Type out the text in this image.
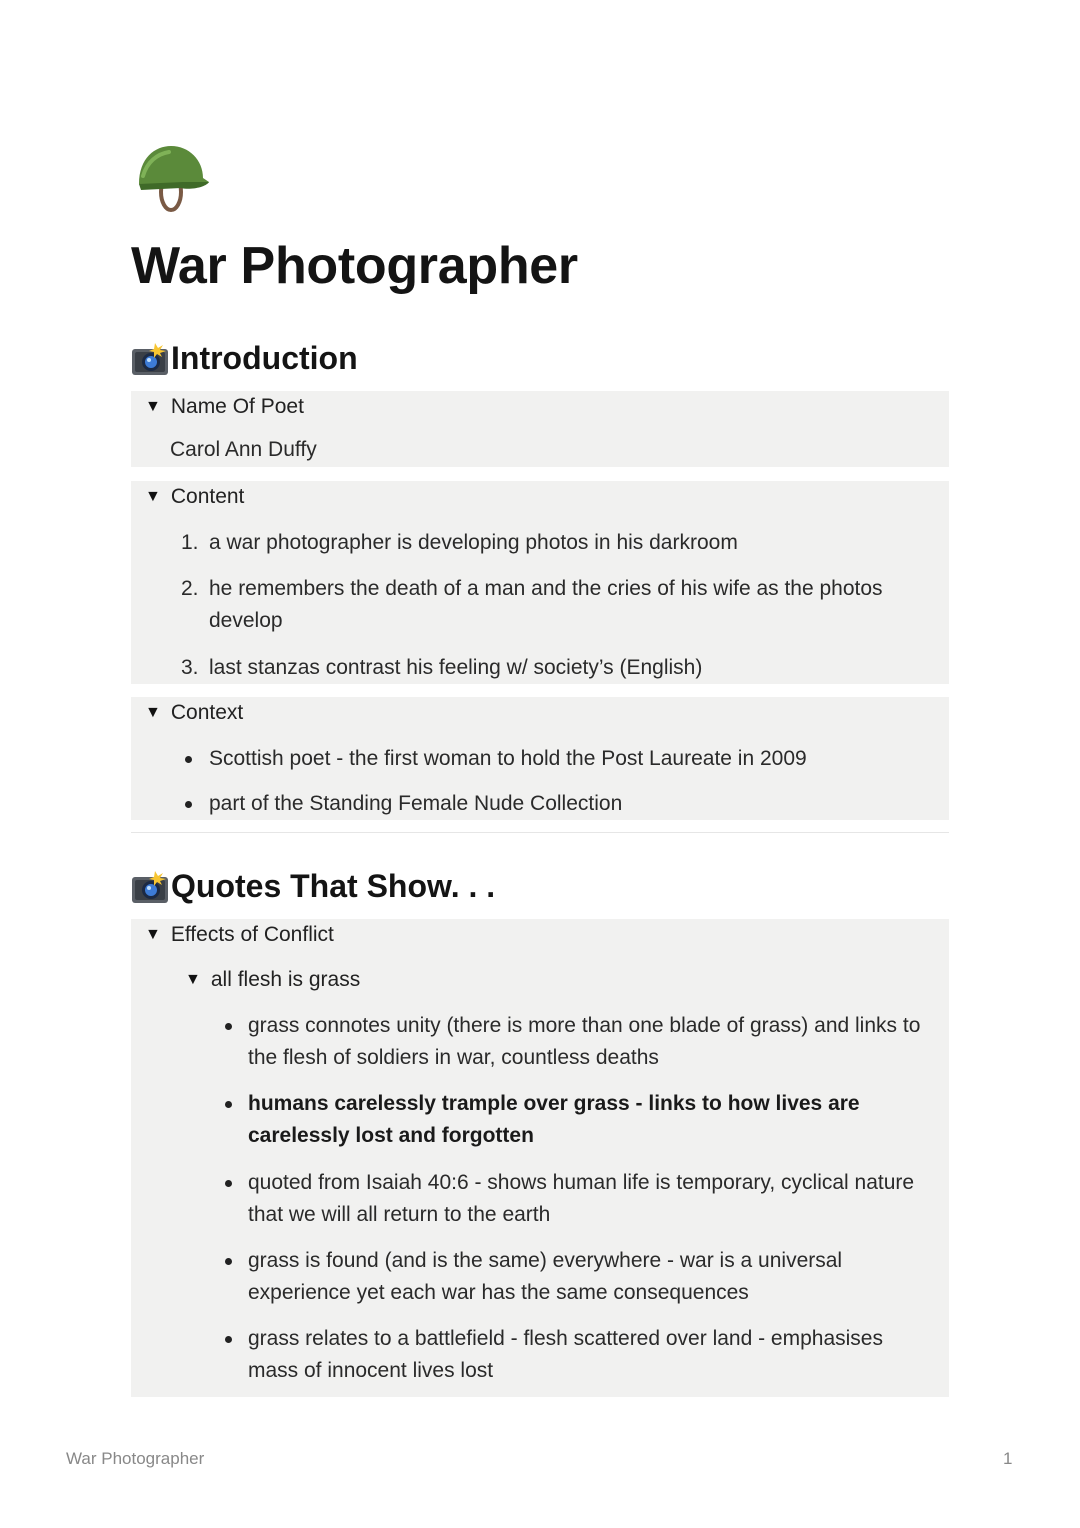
War Photographer
Introduction
▼ Name Of Poet
Carol Ann Duffy
▼ Content
1. a war photographer is developing photos in his darkroom
2. he remembers the death of a man and the cries of his wife as the photos
develop
3. last stanzas contrast his feeling w/ society’s (English)
▼ Context
Scottish poet - the first woman to hold the Post Laureate in 2009
part of the Standing Female Nude Collection
Quotes That Show. . .
▼ Effects of Conflict
▼ all flesh is grass
grass connotes unity (there is more than one blade of grass) and links to
the flesh of soldiers in war, countless deaths
humans carelessly trample over grass - links to how lives are
carelessly lost and forgotten
quoted from Isaiah 40:6 - shows human life is temporary, cyclical nature
that we will all return to the earth
grass is found (and is the same) everywhere - war is a universal
experience yet each war has the same consequences
grass relates to a battlefield - flesh scattered over land - emphasises
mass of innocent lives lost
War Photographer	1
